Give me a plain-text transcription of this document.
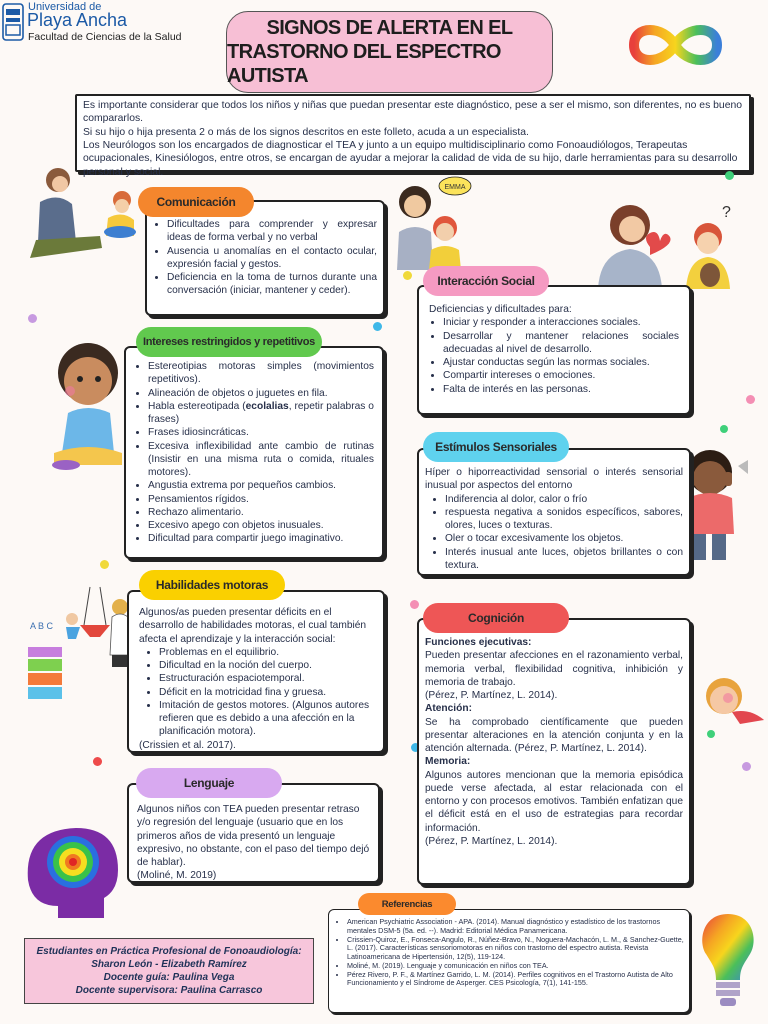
Universidad de
Playa Ancha
Facultad de Ciencias de la Salud	SIGNOS DE ALERTA EN EL
TRASTORNO DEL ESPECTRO AUTISTA
Es importante considerar que todos los niños y niñas que puedan presentar este diagnóstico, pese a ser el mismo, son diferentes, no es bueno compararlos.
Si su hijo o hija presenta 2 o más de los signos descritos en este folleto, acuda a un especialista.
Los Neurólogos son los encargados de diagnosticar el TEA y junto a un equipo multidisciplinario como Fonoaudiólogos, Terapeutas ocupacionales, Kinesiólogos, entre otros, se encargan de ayudar a mejorar la calidad de vida de su hijo, darle herramientas para su desarrollo personal y social.
EMMA
?
A B C
• Dificultades para comprender y expresar ideas de forma verbal y no verbal
• Ausencia u anomalías en el contacto ocular, expresión facial y gestos.
• Deficiencia en la toma de turnos durante una conversación (iniciar, mantener y ceder).
Comunicación
Deficiencias y dificultades para:
• Iniciar y responder a interacciones sociales.
• Desarrollar y mantener relaciones sociales adecuadas al nivel de desarrollo.
• Ajustar conductas según las normas sociales.
• Compartir intereses o emociones.
• Falta de interés en las personas.
Interacción Social
• Estereotipias motoras simples (movimientos repetitivos).
• Alineación de objetos o juguetes en fila.
• Habla estereotipada (ecolalias, repetir palabras o frases)
• Frases idiosincráticas.
• Excesiva inflexibilidad ante cambio de rutinas (Insistir en una misma ruta o comida, rituales motores).
• Angustia extrema por pequeños cambios.
• Pensamientos rígidos.
• Rechazo alimentario.
• Excesivo apego con objetos inusuales.
• Dificultad para compartir juego imaginativo.
Intereses restringidos y repetitivos
Híper o hiporreactividad sensorial o interés sensorial inusual por aspectos del entorno
• Indiferencia al dolor, calor o frío
• respuesta negativa a sonidos específicos, sabores, olores, luces o texturas.
• Oler o tocar excesivamente los objetos.
• Interés inusual ante luces, objetos brillantes o con textura.
Estímulos Sensoriales
Algunos/as pueden presentar déficits en el desarrollo de habilidades motoras, el cual también afecta el aprendizaje y la interacción social:
• Problemas en el equilibrio.
• Dificultad en la noción del cuerpo.
• Estructuración espaciotemporal.
• Déficit en la motricidad fina y gruesa.
• Imitación de gestos motores. (Algunos autores refieren que es debido a una afección en la planificación motora).
(Crissien et al. 2017).
Habilidades motoras
Funciones ejecutivas:
Pueden presentar afecciones en el razonamiento verbal, memoria verbal, flexibilidad cognitiva, inhibición y memoria de trabajo.
(Pérez, P. Martínez, L. 2014).
Atención:
Se ha comprobado científicamente que pueden presentar alteraciones en la atención conjunta y en la atención alternada. (Pérez, P. Martínez, L. 2014).
Memoria:
Algunos autores mencionan que la memoria episódica puede verse afectada, al estar relacionada con el entorno y con procesos emotivos. También enfatizan que el déficit está en el uso de estrategias para recordar información.
(Pérez, P. Martínez, L. 2014).
Cognición
Algunos niños con TEA pueden presentar retraso y/o regresión del lenguaje (usuario que en los primeros años de vida presentó un lenguaje expresivo, no obstante, con el paso del tiempo dejó de hablar).
(Moliné, M. 2019)
Lenguaje
• American Psychiatric Association - APA. (2014). Manual diagnóstico y estadístico de los trastornos mentales DSM-5 (5a. ed. --). Madrid: Editorial Médica Panamericana.
• Crissien-Quiroz, E., Fonseca-Angulo, R., Núñez-Bravo, N., Noguera-Machacón, L. M., & Sanchez-Guette, L. (2017). Características sensoriomotoras en niños con trastorno del espectro autista. Revista Latinoamericana de Hipertensión, 12(5), 119-124.
• Moliné, M. (2019). Lenguaje y comunicación en niños con TEA.
• Pérez Rivero, P. F., & Martínez Garrido, L. M. (2014). Perfiles cognitivos en el Trastorno Autista de Alto Funcionamiento y el Síndrome de Asperger. CES Psicología, 7(1), 141-155.
Referencias
Estudiantes en Práctica Profesional de Fonoaudiología:
Sharon León - Elizabeth Ramírez
Docente guía: Paulina Vega
Docente supervisora: Paulina Carrasco
